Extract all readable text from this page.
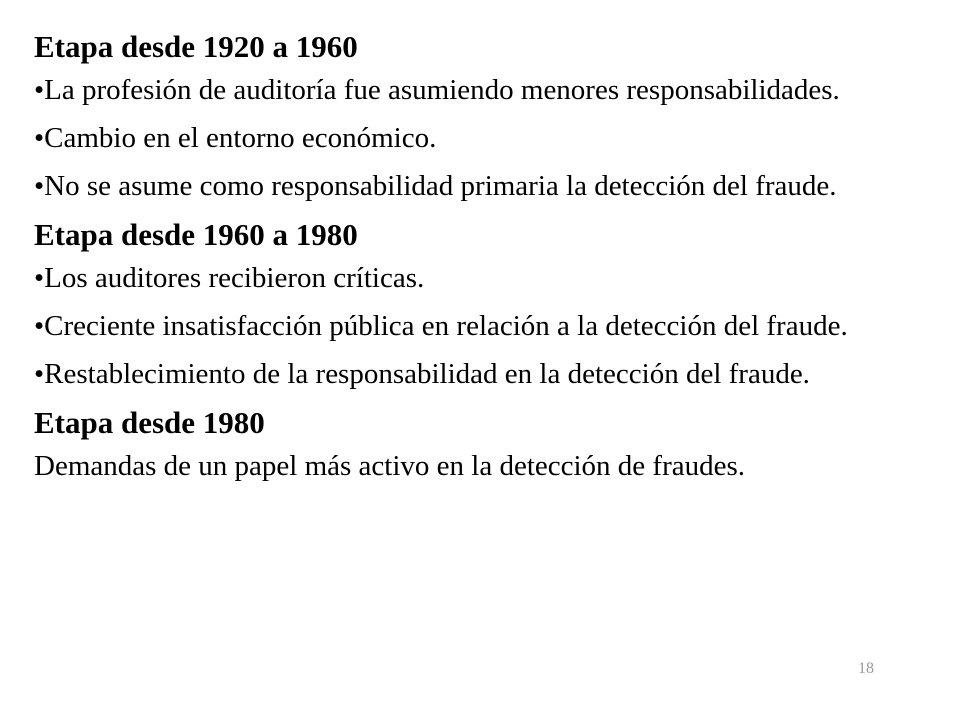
Etapa desde 1920 a 1960
•La profesión de auditoría fue asumiendo menores responsabilidades.
•Cambio en el entorno económico.
•No se asume como responsabilidad primaria la detección del fraude.
Etapa desde 1960 a 1980
•Los auditores recibieron críticas.
•Creciente insatisfacción pública en relación a la detección del fraude.
•Restablecimiento de la responsabilidad en la detección del fraude.
Etapa desde 1980
Demandas de un papel más activo en la detección de fraudes.
18
